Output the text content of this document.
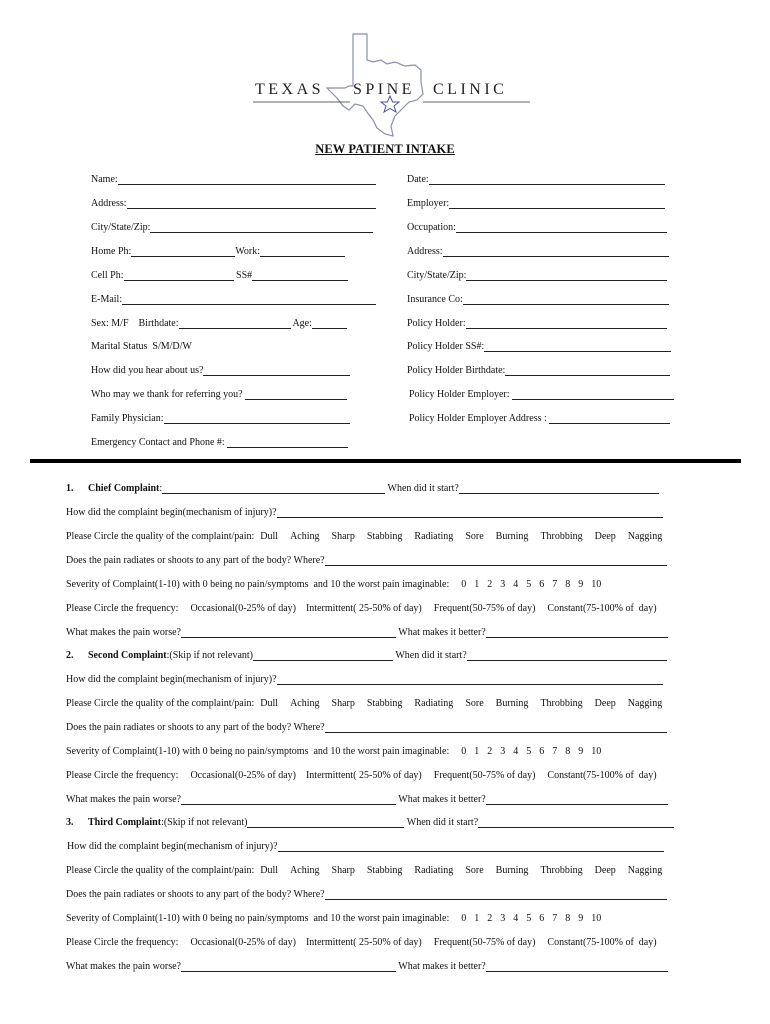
TEXAS SPINE CLINIC
NEW PATIENT INTAKE
Name:
Address:
City/State/Zip:
Home Ph:	Work:
Cell Ph:	SS#
E-Mail:
Sex: M/F    Birthdate:	Age:
Marital Status  S/M/D/W
How did you hear about us?
Who may we thank for referring you?
Family Physician:
Emergency Contact and Phone #:
Date:
Employer:
Occupation:
Address:
City/State/Zip:
Insurance Co:
Policy Holder:
Policy Holder SS#:
Policy Holder Birthdate:
Policy Holder Employer:
Policy Holder Employer Address :
1.	Chief Complaint :	When did it start?
How did the complaint begin(mechanism of injury)?
Please Circle the quality of the complaint/pain: Dull Aching Sharp Stabbing Radiating Sore Burning Throbbing Deep Nagging
Does the pain radiates or shoots to any part of the body? Where?
Severity of Complaint(1-10) with 0 being no pain/symptoms  and 10 the worst pain imaginable: 0 1 2 3 4 5 6 7 8 9 10
Please Circle the frequency: Occasional(0-25% of day) Intermittent( 25-50% of day) Frequent(50-75% of day) Constant(75-100% of  day)
What makes the pain worse?	What makes it better?
2.	Second Complaint :(Skip if not relevant)	When did it start?
How did the complaint begin(mechanism of injury)?
Please Circle the quality of the complaint/pain: Dull Aching Sharp Stabbing Radiating Sore Burning Throbbing Deep Nagging
Does the pain radiates or shoots to any part of the body? Where?
Severity of Complaint(1-10) with 0 being no pain/symptoms  and 10 the worst pain imaginable: 0 1 2 3 4 5 6 7 8 9 10
Please Circle the frequency: Occasional(0-25% of day) Intermittent( 25-50% of day) Frequent(50-75% of day) Constant(75-100% of  day)
What makes the pain worse?	What makes it better?
3.	Third Complaint :(Skip if not relevant)	When did it start?
How did the complaint begin(mechanism of injury)?
Please Circle the quality of the complaint/pain: Dull Aching Sharp Stabbing Radiating Sore Burning Throbbing Deep Nagging
Does the pain radiates or shoots to any part of the body? Where?
Severity of Complaint(1-10) with 0 being no pain/symptoms  and 10 the worst pain imaginable: 0 1 2 3 4 5 6 7 8 9 10
Please Circle the frequency: Occasional(0-25% of day) Intermittent( 25-50% of day) Frequent(50-75% of day) Constant(75-100% of  day)
What makes the pain worse?	What makes it better?
